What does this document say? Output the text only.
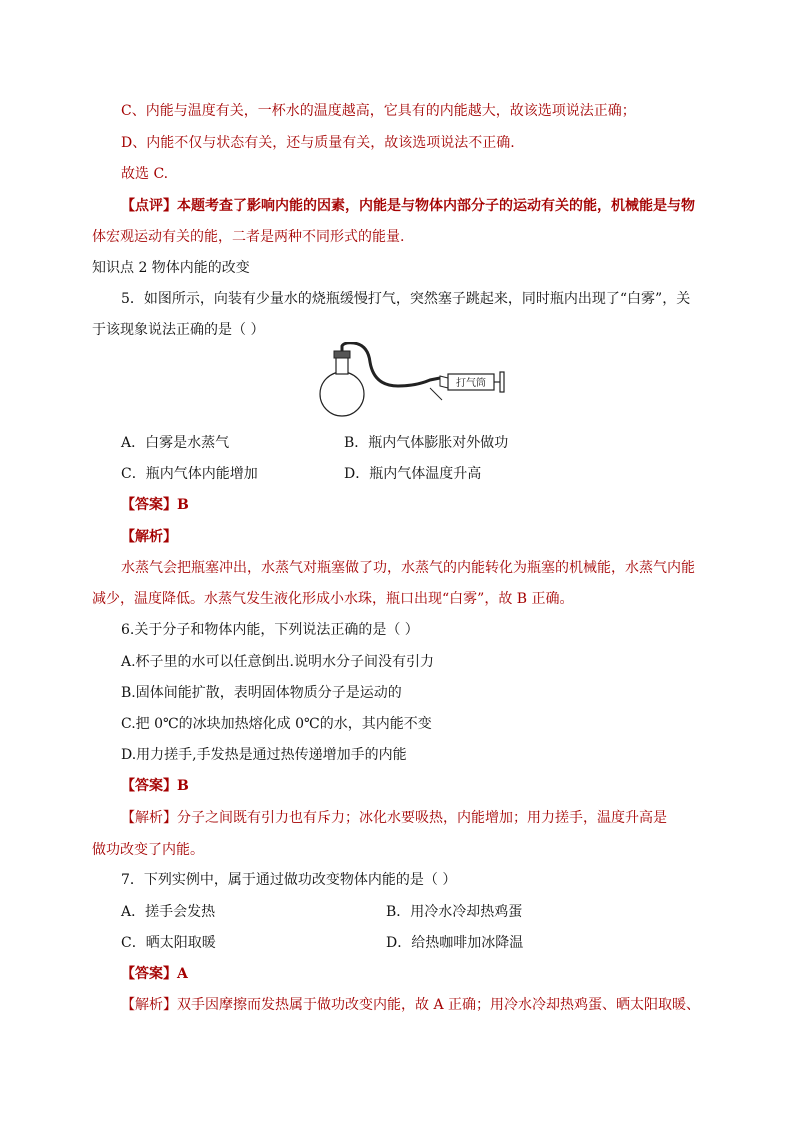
C、内能与温度有关，一杯水的温度越高，它具有的内能越大，故该选项说法正确；
D、内能不仅与状态有关，还与质量有关，故该选项说法不正确.
故选 C.
【点评】本题考查了影响内能的因素，内能是与物体内部分子的运动有关的能，机械能是与物
体宏观运动有关的能，二者是两种不同形式的能量.
知识点 2 物体内能的改变
5．如图所示，向装有少量水的烧瓶缓慢打气，突然塞子跳起来，同时瓶内出现了“白雾”，关
于该现象说法正确的是（ ）
打气筒
A．白雾是水蒸气	B．瓶内气体膨胀对外做功
C．瓶内气体内能增加	D．瓶内气体温度升高
【答案】B
【解析】
水蒸气会把瓶塞冲出，水蒸气对瓶塞做了功，水蒸气的内能转化为瓶塞的机械能，水蒸气内能
减少，温度降低。水蒸气发生液化形成小水珠，瓶口出现“白雾”，故 B 正确。
6.关于分子和物体内能，下列说法正确的是（ ）
A.杯子里的水可以任意倒出.说明水分子间没有引力
B.固体间能扩散，表明固体物质分子是运动的
C.把 0℃的冰块加热熔化成 0℃的水，其内能不变
D.用力搓手,手发热是通过热传递增加手的内能
【答案】B
【解析】分子之间既有引力也有斥力；冰化水要吸热，内能增加；用力搓手，温度升高是
做功改变了内能。
7．下列实例中，属于通过做功改变物体内能的是（ ）
A．搓手会发热	B．用冷水冷却热鸡蛋
C．晒太阳取暖	D．给热咖啡加冰降温
【答案】A
【解析】双手因摩擦而发热属于做功改变内能，故 A 正确；用冷水冷却热鸡蛋、晒太阳取暖、
